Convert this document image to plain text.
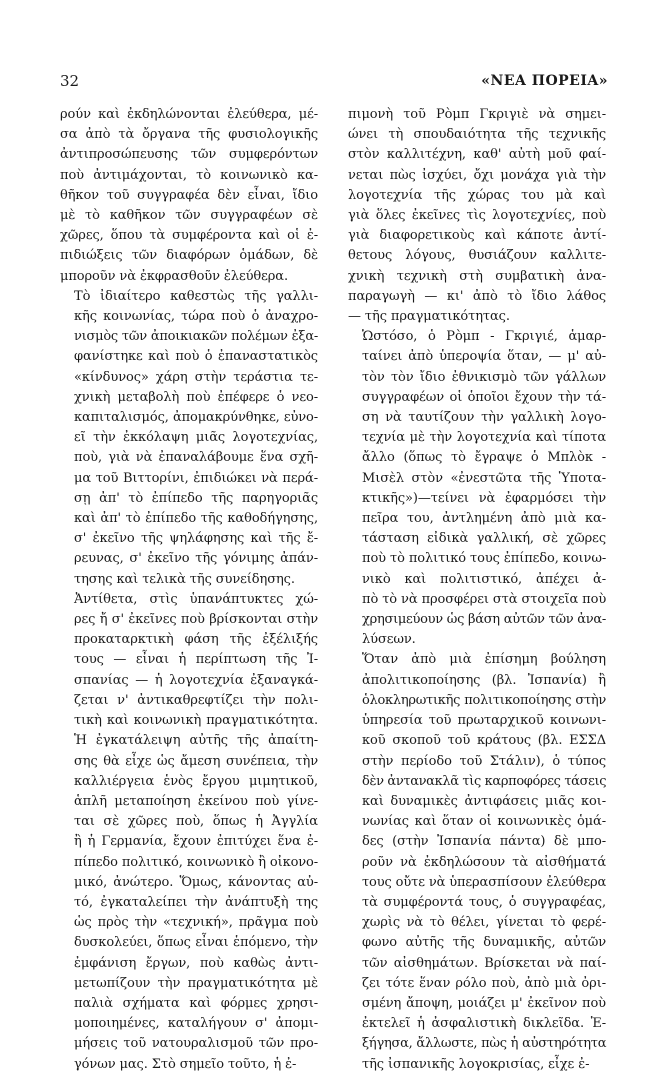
32	«ΝΕΑ ΠΟΡΕΙΑ»

ρούν καὶ ἐκδηλώνονται ἐλεύθερα, μέ-
σα ἀπὸ τὰ ὄργανα τῆς φυσιολογικῆς
ἀντιπροσώπευσης τῶν συμφερόντων
ποὺ ἀντιμάχονται, τὸ κοινωνικὸ κα-
θῆκον τοῦ συγγραφέα δὲν εἶναι, ἴδιο
μὲ τὸ καθῆκον τῶν συγγραφέων σὲ
χῶρες, ὅπου τὰ συμφέροντα καὶ οἱ ἐ-
πιδιώξεις τῶν διαφόρων ὁμάδων, δὲ
μποροῦν νὰ ἐκφρασθοῦν ἐλεύθερα.

Τὸ ἰδιαίτερο καθεστὼς τῆς γαλλι-
κῆς κοινωνίας, τώρα ποὺ ὁ ἀναχρο-
νισμὸς τῶν ἀποικιακῶν πολέμων ἐξα-
φανίστηκε καὶ ποὺ ὁ ἐπαναστατικὸς
«κίνδυνος» χάρη στὴν τεράστια τε-
χνικὴ μεταβολὴ ποὺ ἐπέφερε ὁ νεο-
καπιταλισμός, ἀπομακρύνθηκε, εὐνο-
εῖ τὴν ἐκκόλαψη μιᾶς λογοτεχνίας,
ποὺ, γιὰ νὰ ἐπαναλάβουμε ἕνα σχῆ-
μα τοῦ Βιττορίνι, ἐπιδιώκει νὰ περά-
σῃ ἀπ' τὸ ἐπίπεδο τῆς παρηγοριᾶς
καὶ ἀπ' τὸ ἐπίπεδο τῆς καθοδήγησης,
σ' ἐκεῖνο τῆς ψηλάφησης καὶ τῆς ἔ-
ρευνας, σ' ἐκεῖνο τῆς γόνιμης ἀπάν-
τησης καὶ τελικὰ τῆς συνείδησης.

Ἀντίθετα, στὶς ὑπανάπτυκτες χώ-
ρες ἤ σ' ἐκεῖνες ποὺ βρίσκονται στὴν
προκαταρκτικὴ φάση τῆς ἐξέλιξής
τους — εἶναι ἡ περίπτωση τῆς Ἰ-
σπανίας — ἡ λογοτεχνία ἐξαναγκά-
ζεται ν' ἀντικαθρεφτίζει τὴν πολι-
τικὴ καὶ κοινωνικὴ πραγματικότητα.
Ἡ ἐγκατάλειψη αὐτῆς τῆς ἀπαίτη-
σης θὰ εἶχε ὡς ἄμεση συνέπεια, τὴν
καλλιέργεια ἑνὸς ἔργου μιμητικοῦ,
ἁπλῆ μεταποίηση ἐκείνου ποὺ γίνε-
ται σὲ χῶρες ποὺ, ὅπως ἡ Ἀγγλία
ἢ ἡ Γερμανία, ἔχουν ἐπιτύχει ἕνα ἐ-
πίπεδο πολιτικό, κοινωνικὸ ἢ οἰκονο-
μικό, ἀνώτερο. Ὅμως, κάνοντας αὐ-
τό, ἐγκαταλείπει τὴν ἀνάπτυξὴ της
ὡς πρὸς τὴν «τεχνική», πρᾶγμα ποὺ
δυσκολεύει, ὅπως εἶναι ἑπόμενο, τὴν
ἐμφάνιση ἔργων, ποὺ καθὼς ἀντι-
μετωπίζουν τὴν πραγματικότητα μὲ
παλιὰ σχήματα καὶ φόρμες χρησι-
μοποιημένες, καταλήγουν σ' ἀπομι-
μήσεις τοῦ νατουραλισμοῦ τῶν προ-
γόνων μας. Στὸ σημεῖο τοῦτο, ἡ ἐ-

πιμονὴ τοῦ Ρὸμπ Γκριγιὲ νὰ σημει-
ώνει τὴ σπουδαιότητα τῆς τεχνικῆς
στὸν καλλιτέχνη, καθ' αὐτὴ μοῦ φαί-
νεται πὼς ἰσχύει, ὄχι μονάχα γιὰ τὴν
λογοτεχνία τῆς χώρας του μὰ καὶ
γιὰ ὅλες ἐκεῖνες τὶς λογοτεχνίες, ποὺ
γιὰ διαφορετικοὺς καὶ κάποτε ἀντί-
θετους λόγους, θυσιάζουν καλλιτε-
χνικὴ τεχνικὴ στὴ συμβατικὴ ἀνα-
παραγωγὴ — κι' ἀπὸ τὸ ἴδιο λάθος
— τῆς πραγματικότητας.

Ὡστόσο, ὁ Ρὸμπ - Γκριγιέ, ἁμαρ-
ταίνει ἀπὸ ὑπεροψία ὅταν, — μ' αὐ-
τὸν τὸν ἴδιο ἐθνικισμὸ τῶν γάλλων
συγγραφέων οἱ ὁποῖοι ἔχουν τὴν τά-
ση νὰ ταυτίζουν τὴν γαλλικὴ λογο-
τεχνία μὲ τὴν λογοτεχνία καὶ τίποτα
ἄλλο (ὅπως τὸ ἔγραψε ὁ Μπλὸκ -
Μισὲλ στὸν «ἐνεστῶτα τῆς Ὑποτα-
κτικῆς»)—τείνει νὰ ἐφαρμόσει τὴν
πεῖρα του, ἀντλημένη ἀπὸ μιὰ κα-
τάσταση εἰδικὰ γαλλική, σὲ χῶρες
ποὺ τὸ πολιτικό τους ἐπίπεδο, κοινω-
νικὸ καὶ πολιτιστικό, ἀπέχει ἀ-
πὸ τὸ νὰ προσφέρει στὰ στοιχεῖα ποὺ
χρησιμεύουν ὡς βάση αὐτῶν τῶν ἀνα-
λύσεων.

Ὅταν ἀπὸ μιὰ ἐπίσημη βούληση
ἀπολιτικοποίησης (βλ. Ἰσπανία) ἢ
ὁλοκληρωτικῆς πολιτικοποίησης στὴν
ὑπηρεσία τοῦ πρωταρχικοῦ κοινωνι-
κοῦ σκοποῦ τοῦ κράτους (βλ. ΕΣΣΔ
στὴν περίοδο τοῦ Στάλιν), ὁ τύπος
δὲν ἀντανακλᾶ τὶς καρποφόρες τάσεις
καὶ δυναμικὲς ἀντιφάσεις μιᾶς κοι-
νωνίας καὶ ὅταν οἱ κοινωνικὲς ὁμά-
δες (στὴν Ἰσπανία πάντα) δὲ μπο-
ροῦν νὰ ἐκδηλώσουν τὰ αἰσθήματά
τους οὔτε νὰ ὑπερασπίσουν ἐλεύθερα
τὰ συμφέροντά τους, ὁ συγγραφέας,
χωρὶς νὰ τὸ θέλει, γίνεται τὸ φερέ-
φωνο αὐτῆς τῆς δυναμικῆς, αὐτῶν
τῶν αἰσθημάτων. Βρίσκεται νὰ παί-
ζει τότε ἕναν ρόλο ποὺ, ἀπὸ μιὰ ὀρι-
σμένη ἄποψη, μοιάζει μ' ἐκεῖνον ποὺ
ἐκτελεῖ ἡ ἀσφαλιστικὴ δικλεῖδα. Ἐ-
ξήγησα, ἄλλωστε, πὼς ἡ αὐστηρότητα
τῆς ἰσπανικῆς λογοκρισίας, εἶχε ἐ-
